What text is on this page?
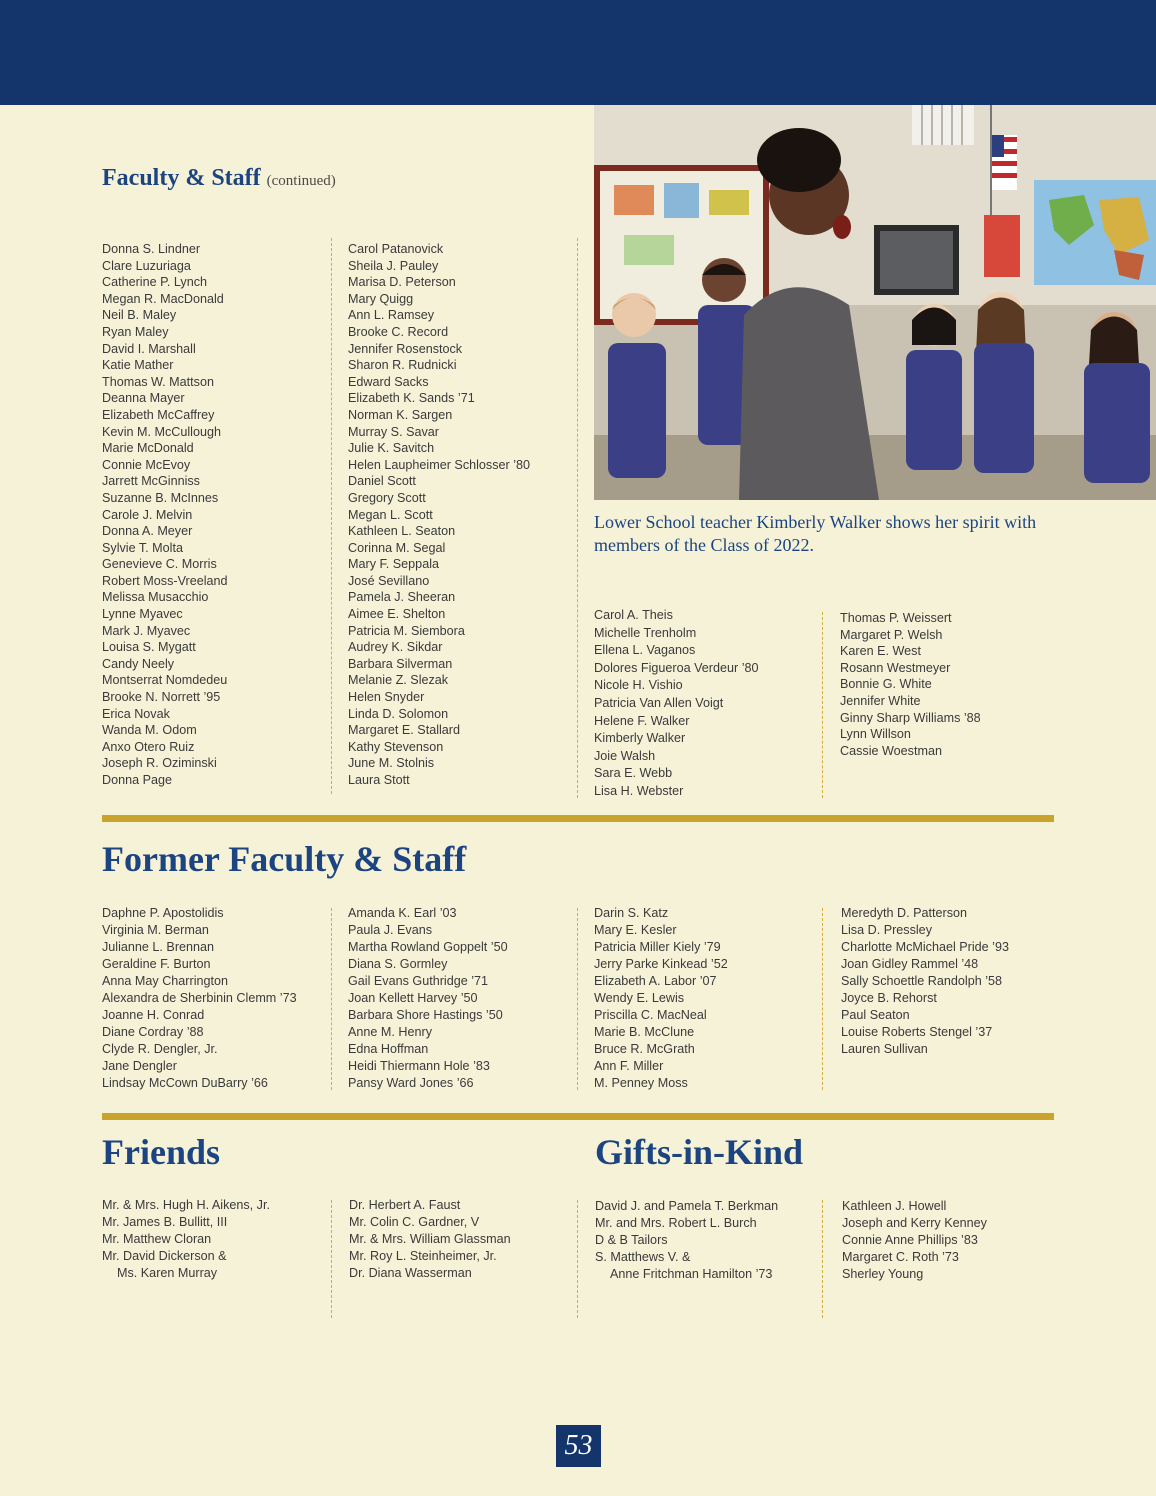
Faculty & Staff (continued)
Donna S. Lindner
Clare Luzuriaga
Catherine P. Lynch
Megan R. MacDonald
Neil B. Maley
Ryan Maley
David I. Marshall
Katie Mather
Thomas W. Mattson
Deanna Mayer
Elizabeth McCaffrey
Kevin M. McCullough
Marie McDonald
Connie McEvoy
Jarrett McGinniss
Suzanne B. McInnes
Carole J. Melvin
Donna A. Meyer
Sylvie T. Molta
Genevieve C. Morris
Robert Moss-Vreeland
Melissa Musacchio
Lynne Myavec
Mark J. Myavec
Louisa S. Mygatt
Candy Neely
Montserrat Nomdedeu
Brooke N. Norrett ’95
Erica Novak
Wanda M. Odom
Anxo Otero Ruiz
Joseph R. Oziminski
Donna Page
Carol Patanovick
Sheila J. Pauley
Marisa D. Peterson
Mary Quigg
Ann L. Ramsey
Brooke C. Record
Jennifer Rosenstock
Sharon R. Rudnicki
Edward Sacks
Elizabeth K. Sands ’71
Norman K. Sargen
Murray S. Savar
Julie K. Savitch
Helen Laupheimer Schlosser ’80
Daniel Scott
Gregory Scott
Megan L. Scott
Kathleen L. Seaton
Corinna M. Segal
Mary F. Seppala
José Sevillano
Pamela J. Sheeran
Aimee E. Shelton
Patricia M. Siembora
Audrey K. Sikdar
Barbara Silverman
Melanie Z. Slezak
Helen Snyder
Linda D. Solomon
Margaret E. Stallard
Kathy Stevenson
June M. Stolnis
Laura Stott
Lower School teacher Kimberly Walker shows her spirit with members of the Class of 2022.
Carol A. Theis
Michelle Trenholm
Ellena L. Vaganos
Dolores Figueroa Verdeur ’80
Nicole H. Vishio
Patricia Van Allen Voigt
Helene F. Walker
Kimberly Walker
Joie Walsh
Sara E. Webb
Lisa H. Webster
Thomas P. Weissert
Margaret P. Welsh
Karen E. West
Rosann Westmeyer
Bonnie G. White
Jennifer White
Ginny Sharp Williams ’88
Lynn Willson
Cassie Woestman
Former Faculty & Staff
Daphne P. Apostolidis
Virginia M. Berman
Julianne L. Brennan
Geraldine F. Burton
Anna May Charrington
Alexandra de Sherbinin Clemm ’73
Joanne H. Conrad
Diane Cordray ’88
Clyde R. Dengler, Jr.
Jane Dengler
Lindsay McCown DuBarry ’66
Amanda K. Earl ’03
Paula J. Evans
Martha Rowland Goppelt ’50
Diana S. Gormley
Gail Evans Guthridge ’71
Joan Kellett Harvey ’50
Barbara Shore Hastings ’50
Anne M. Henry
Edna Hoffman
Heidi Thiermann Hole ’83
Pansy Ward Jones ’66
Darin S. Katz
Mary E. Kesler
Patricia Miller Kiely ’79
Jerry Parke Kinkead ’52
Elizabeth A. Labor ’07
Wendy E. Lewis
Priscilla C. MacNeal
Marie B. McClune
Bruce R. McGrath
Ann F. Miller
M. Penney Moss
Meredyth D. Patterson
Lisa D. Pressley
Charlotte McMichael Pride ’93
Joan Gidley Rammel ’48
Sally Schoettle Randolph ’58
Joyce B. Rehorst
Paul Seaton
Louise Roberts Stengel ’37
Lauren Sullivan
Friends
Mr. & Mrs. Hugh H. Aikens, Jr.
Mr. James B. Bullitt, III
Mr. Matthew Cloran
Mr. David Dickerson &
Ms. Karen Murray
Dr. Herbert A. Faust
Mr. Colin C. Gardner, V
Mr. & Mrs. William Glassman
Mr. Roy L. Steinheimer, Jr.
Dr. Diana Wasserman
Gifts-in-Kind
David J. and Pamela T. Berkman
Mr. and Mrs. Robert L. Burch
D & B Tailors
S. Matthews V. &
Anne Fritchman Hamilton ’73
Kathleen J. Howell
Joseph and Kerry Kenney
Connie Anne Phillips ’83
Margaret C. Roth ’73
Sherley Young
53
